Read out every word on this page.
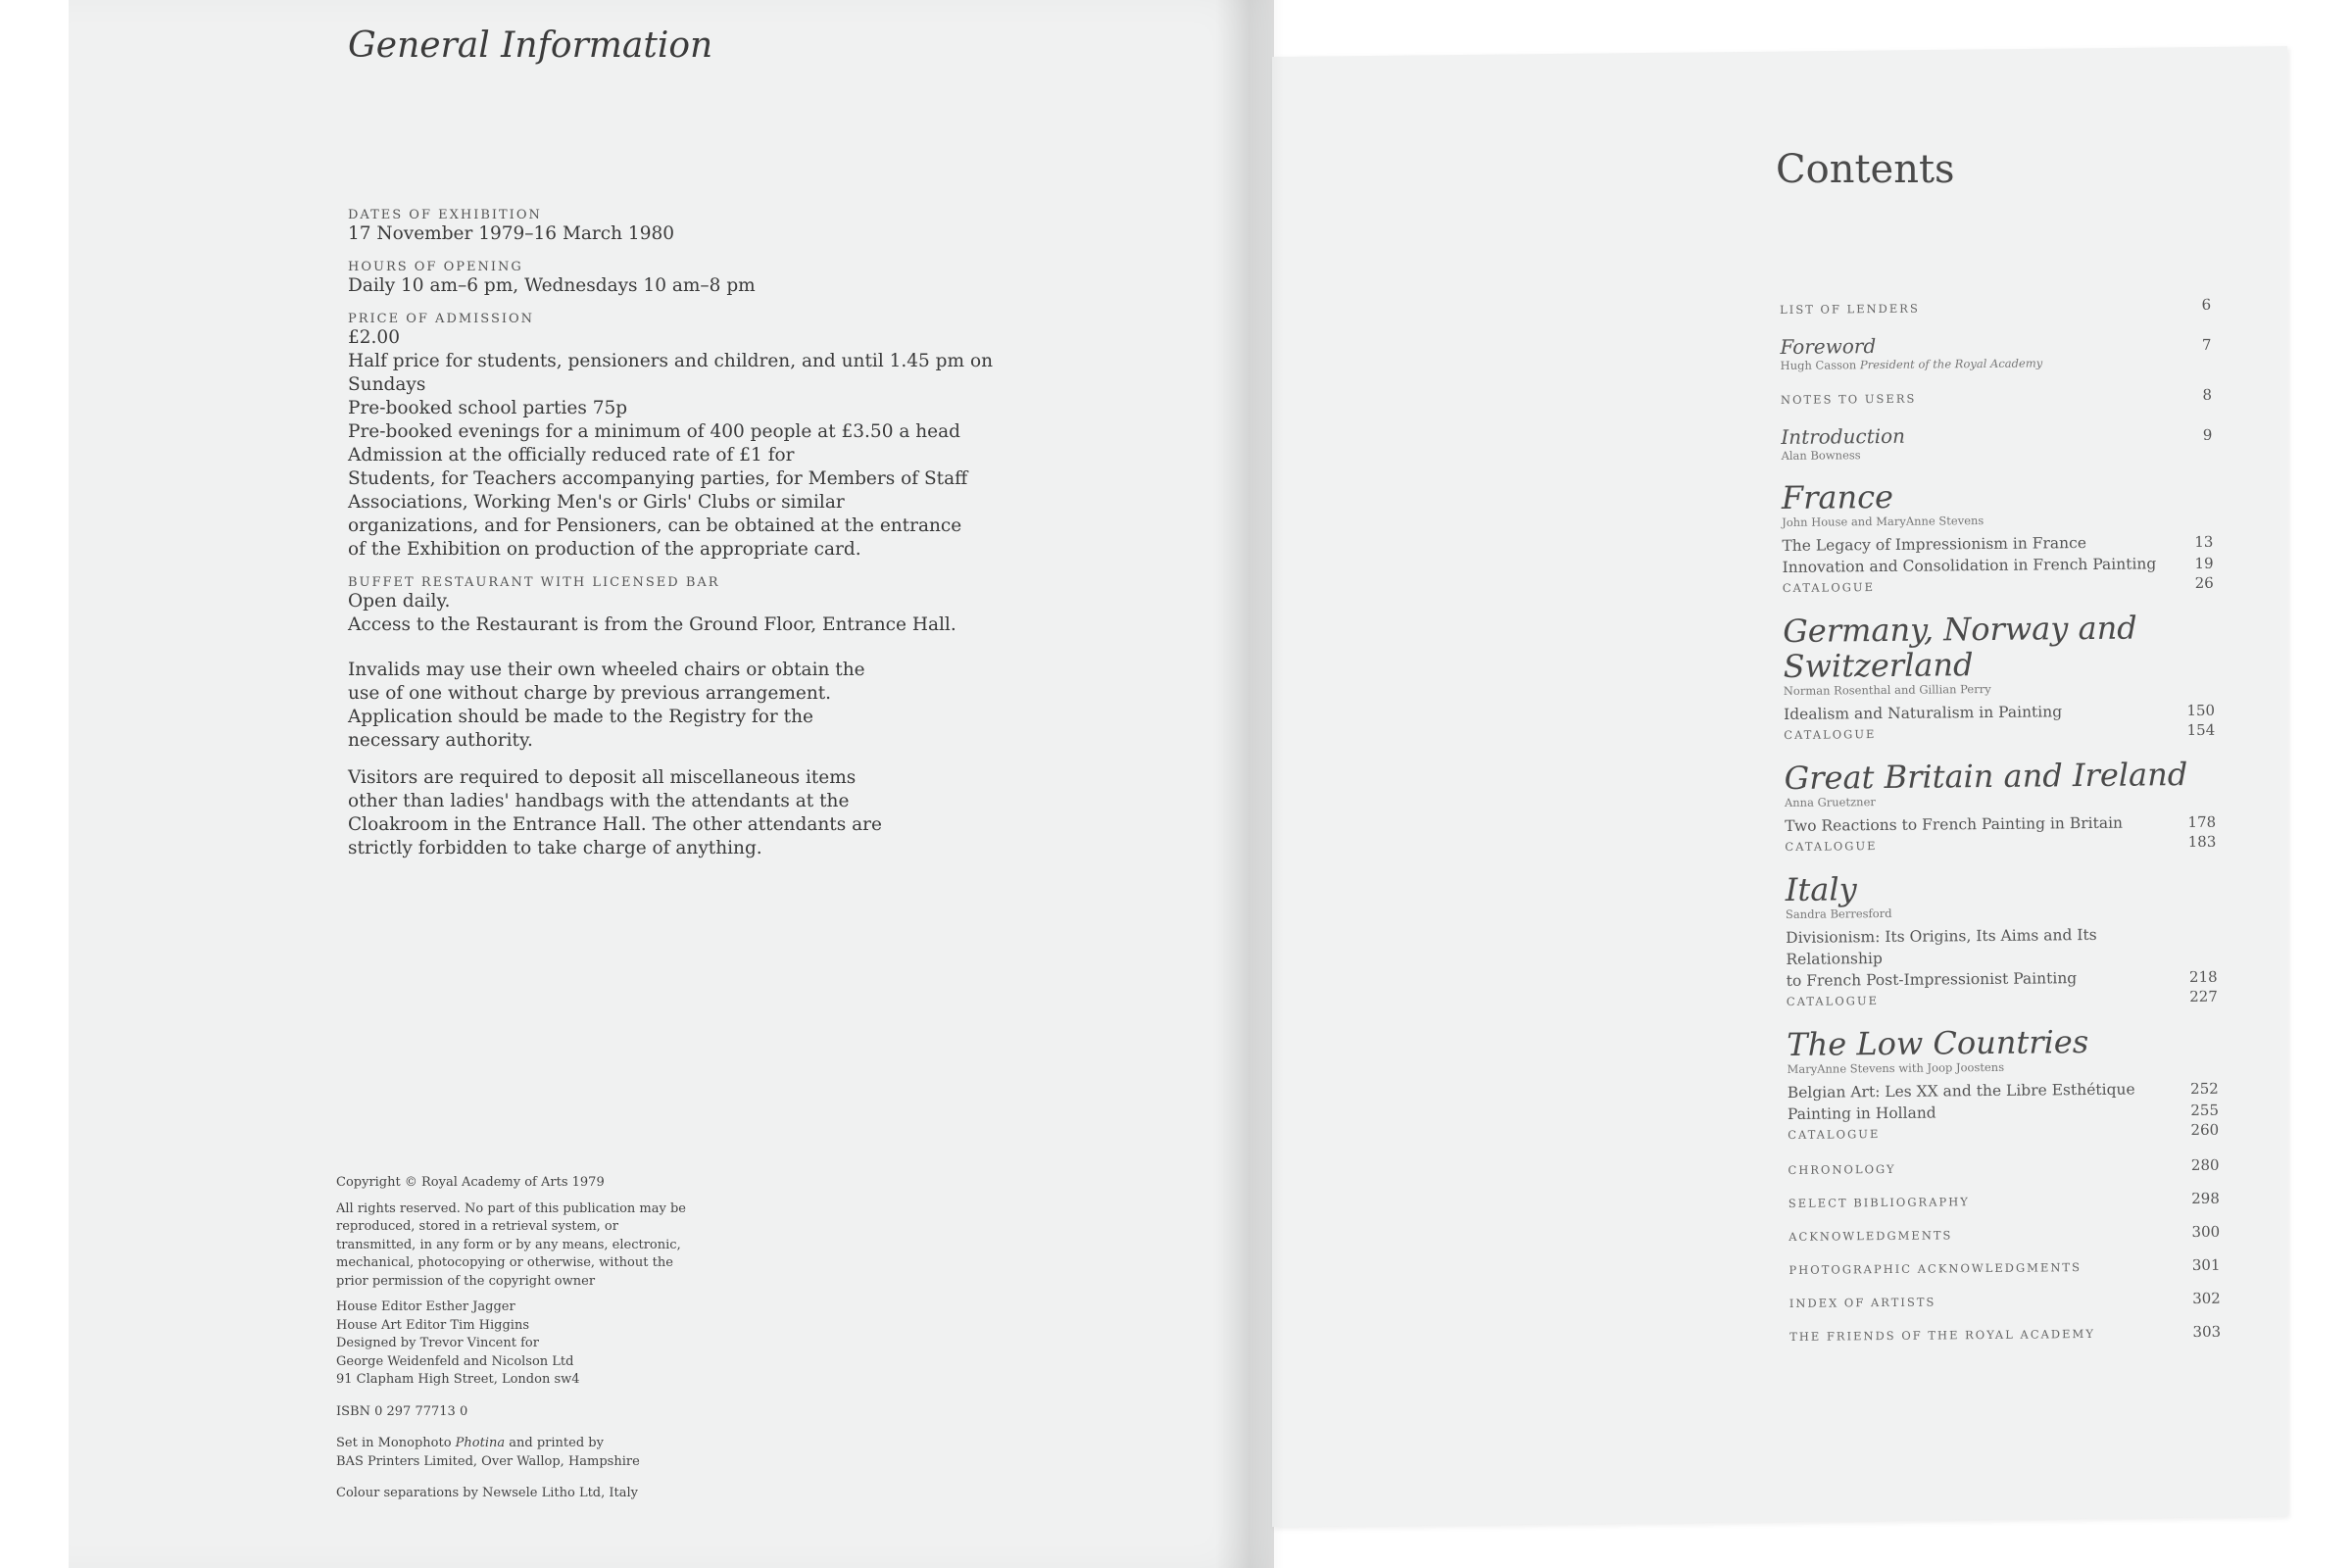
General Information
DATES OF EXHIBITION
17 November 1979–16 March 1980
HOURS OF OPENING
Daily 10 am–6 pm, Wednesdays 10 am–8 pm
PRICE OF ADMISSION
£2.00
Half price for students, pensioners and children, and until 1.45 pm on Sundays
Pre-booked school parties 75p
Pre-booked evenings for a minimum of 400 people at £3.50 a head
Admission at the officially reduced rate of £1 for
Students, for Teachers accompanying parties, for Members of Staff
Associations, Working Men's or Girls' Clubs or similar
organizations, and for Pensioners, can be obtained at the entrance
of the Exhibition on production of the appropriate card.
BUFFET RESTAURANT WITH LICENSED BAR
Open daily.
Access to the Restaurant is from the Ground Floor, Entrance Hall.
Invalids may use their own wheeled chairs or obtain the use of one without charge by previous arrangement. Application should be made to the Registry for the necessary authority.
Visitors are required to deposit all miscellaneous items other than ladies' handbags with the attendants at the Cloakroom in the Entrance Hall. The other attendants are strictly forbidden to take charge of anything.

Copyright © Royal Academy of Arts 1979

All rights reserved. No part of this publication may be reproduced, stored in a retrieval system, or transmitted, in any form or by any means, electronic, mechanical, photocopying or otherwise, without the prior permission of the copyright owner

House Editor Esther Jagger
House Art Editor Tim Higgins
Designed by Trevor Vincent for
George Weidenfeld and Nicolson Ltd
91 Clapham High Street, London sw4

ISBN 0 297 77713 0

Set in Monophoto Photina and printed by
BAS Printers Limited, Over Wallop, Hampshire

Colour separations by Newsele Litho Ltd, Italy

Contents
LIST OF LENDERS	6
Foreword	7
Hugh Casson President of the Royal Academy
NOTES TO USERS	8
Introduction	9
Alan Bowness
France
John House and MaryAnne Stevens
The Legacy of Impressionism in France	13
Innovation and Consolidation in French Painting	19
CATALOGUE	26
Germany, Norway and Switzerland
Norman Rosenthal and Gillian Perry
Idealism and Naturalism in Painting	150
CATALOGUE	154
Great Britain and Ireland
Anna Gruetzner
Two Reactions to French Painting in Britain	178
CATALOGUE	183
Italy
Sandra Berresford
Divisionism: Its Origins, Its Aims and Its Relationship
to French Post-Impressionist Painting	218
CATALOGUE	227
The Low Countries
MaryAnne Stevens with Joop Joostens
Belgian Art: Les XX and the Libre Esthétique	252
Painting in Holland	255
CATALOGUE	260
CHRONOLOGY	280
SELECT BIBLIOGRAPHY	298
ACKNOWLEDGMENTS	300
PHOTOGRAPHIC ACKNOWLEDGMENTS	301
INDEX OF ARTISTS	302
THE FRIENDS OF THE ROYAL ACADEMY	303
